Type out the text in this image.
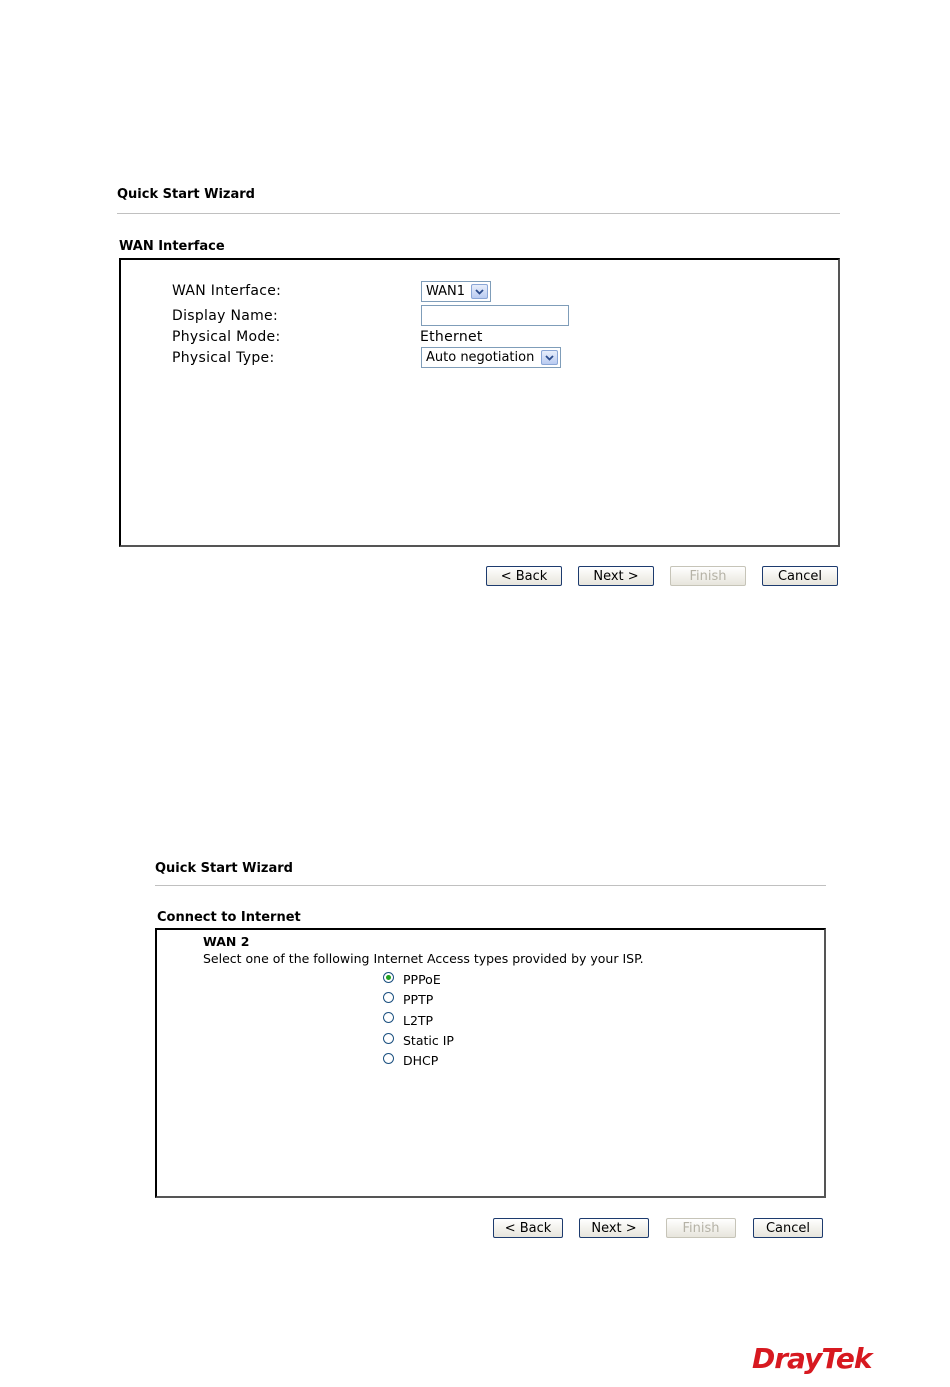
Quick Start Wizard
WAN Interface
WAN Interface:	WAN1
Display Name:
Physical Mode:	Ethernet
Physical Type:	Auto negotiation
< Back	Next >	Finish	Cancel
Quick Start Wizard
Connect to Internet
WAN 2
Select one of the following Internet Access types provided by your ISP.
PPPoE
PPTP
L2TP
Static IP
DHCP
< Back	Next >	Finish	Cancel
DrayTek
